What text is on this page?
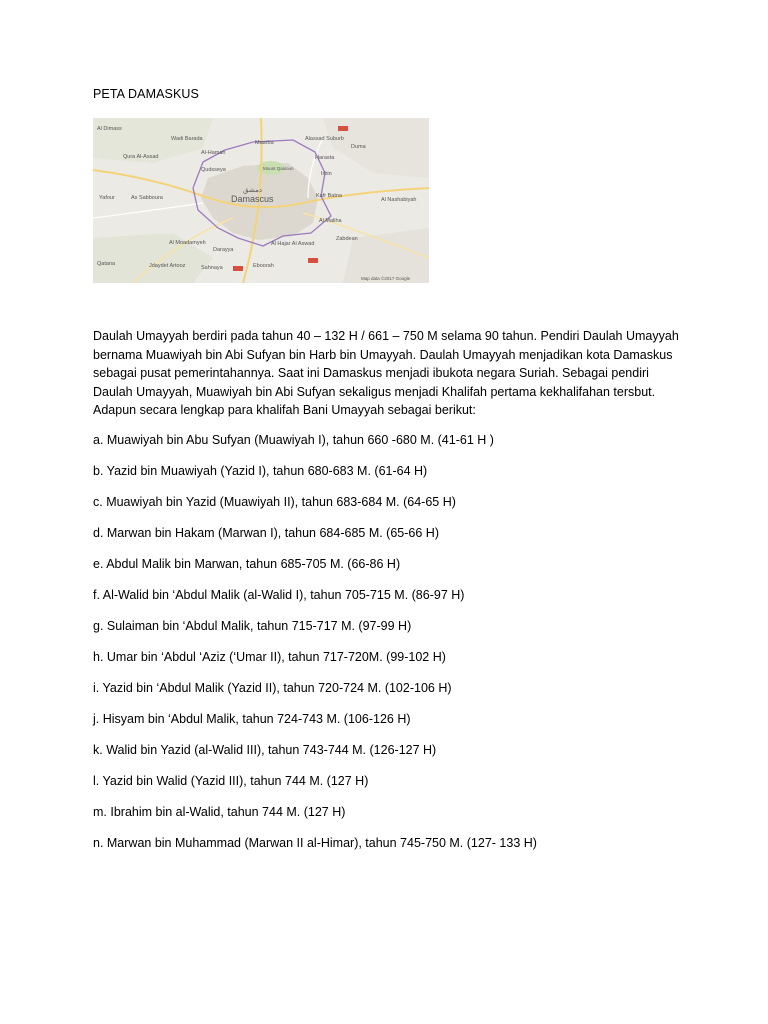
PETA DAMASKUS
Al Dimass
Wadi Barada
Al-Hamah
Qura Al-Assad
Qudsseya
Alassad Suburb
Maarba
Harasta
Duma
Mount Qasioun
Irbin
Yafour	As Sabboura	Kafr Batna
Al Nashabiyah
Al Maliha
Zabdean
Al Moadamyeh
Darayya
Al Hajar Al Aswad
Qatana	Jdaydet Artooz	Sahnaya	Eboorah
دمشق
Damascus
Map data ©2017 Google
Daulah Umayyah berdiri pada tahun 40 – 132 H / 661 – 750 M selama 90 tahun. Pendiri Daulah Umayyah bernama Muawiyah bin Abi Sufyan bin Harb bin Umayyah. Daulah Umayyah menjadikan kota Damaskus sebagai pusat pemerintahannya. Saat ini Damaskus menjadi ibukota negara Suriah. Sebagai pendiri Daulah Umayyah, Muawiyah bin Abi Sufyan sekaligus menjadi Khalifah pertama kekhalifahan tersbut. Adapun secara lengkap para khalifah Bani Umayyah sebagai berikut:
a. Muawiyah bin Abu Sufyan (Muawiyah I), tahun 660 -680 M. (41-61 H )
b. Yazid bin Muawiyah (Yazid I), tahun 680-683 M. (61-64 H)
c. Muawiyah bin Yazid (Muawiyah II), tahun 683-684 M. (64-65 H)
d. Marwan bin Hakam (Marwan I), tahun 684-685 M. (65-66 H)
e. Abdul Malik bin Marwan, tahun 685-705 M. (66-86 H)
f. Al-Walid bin ‘Abdul Malik (al-Walid I), tahun 705-715 M. (86-97 H)
g. Sulaiman bin ‘Abdul Malik, tahun 715-717 M. (97-99 H)
h. Umar bin ‘Abdul ‘Aziz (‘Umar II), tahun 717-720M. (99-102 H)
i. Yazid bin ‘Abdul Malik (Yazid II), tahun 720-724 M. (102-106 H)
j. Hisyam bin ‘Abdul Malik, tahun 724-743 M. (106-126 H)
k. Walid bin Yazid (al-Walid III), tahun 743-744 M. (126-127 H)
l. Yazid bin Walid (Yazid III), tahun 744 M. (127 H)
m. Ibrahim bin al-Walid, tahun 744 M. (127 H)
n. Marwan bin Muhammad (Marwan II al-Himar), tahun 745-750 M. (127- 133 H)
